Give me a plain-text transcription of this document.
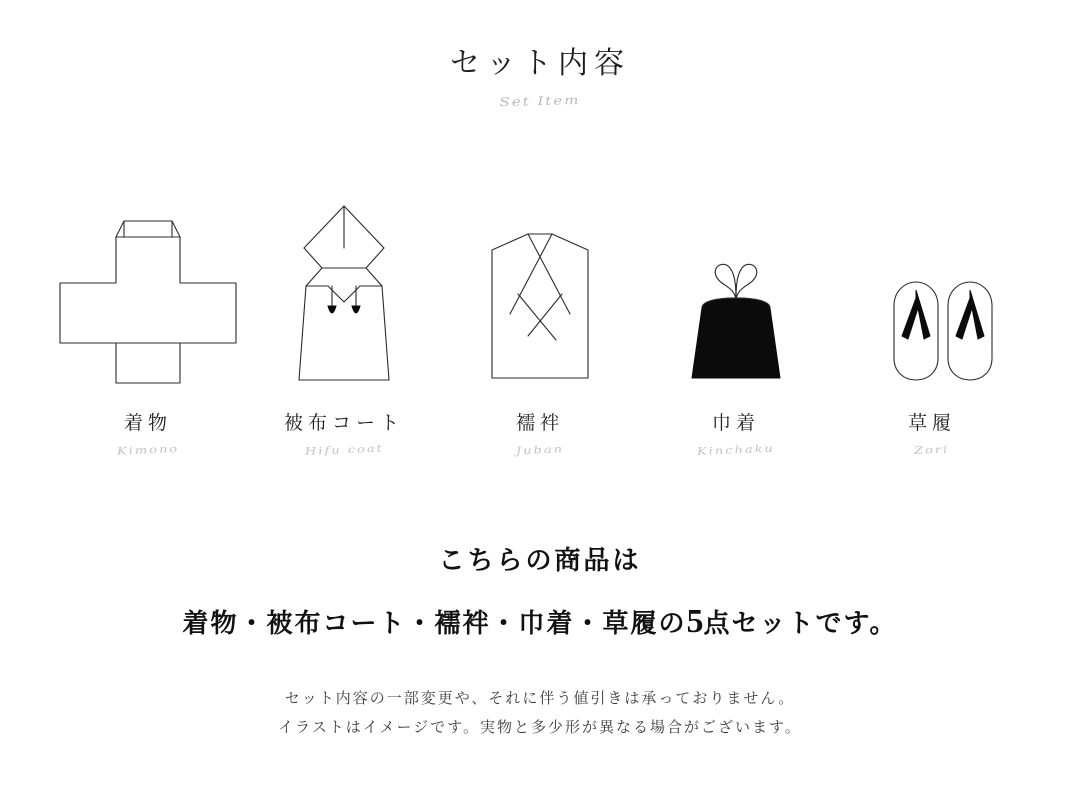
セット内容
Set Item
着物
Kimono
被布コート
Hifu coat
襦袢
Juban
巾着
Kinchaku
草履
Zori
こちらの商品は
着物・被布コート・襦袢・巾着・草履の5点セットです。
セット内容の一部変更や、それに伴う値引きは承っておりません。
イラストはイメージです。実物と多少形が異なる場合がございます。
